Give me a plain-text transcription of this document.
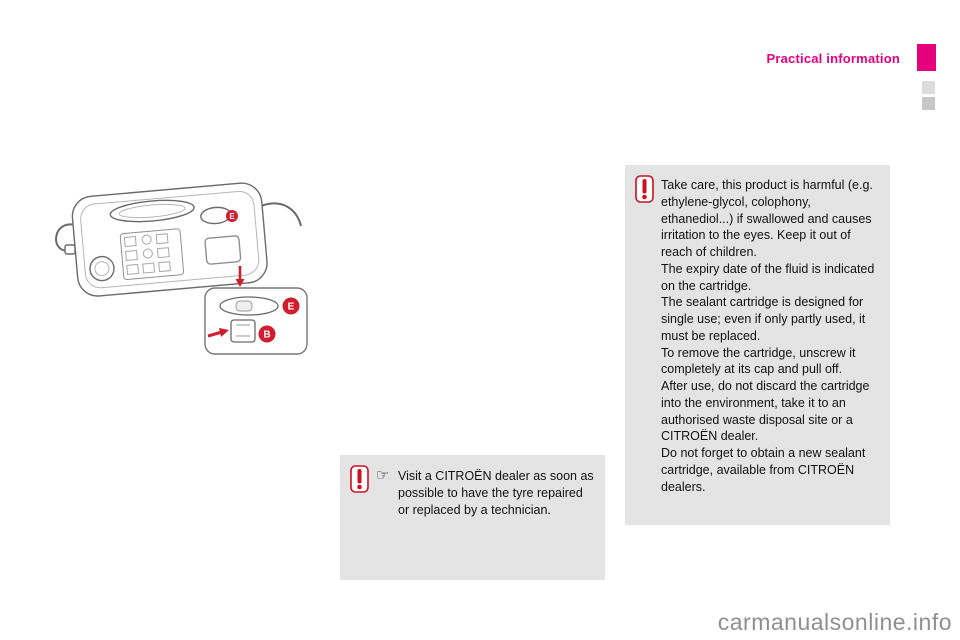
Practical information
E
E
B
☞ Visit a CITROËN dealer as soon as possible to have the tyre repaired or replaced by a technician.

Take care, this product is harmful (e.g. ethylene-glycol, colophony, ethanediol...) if swallowed and causes irritation to the eyes. Keep it out of reach of children.

The expiry date of the fluid is indicated on the cartridge.

The sealant cartridge is designed for single use; even if only partly used, it must be replaced.

To remove the cartridge, unscrew it completely at its cap and pull off.

After use, do not discard the cartridge into the environment, take it to an authorised waste disposal site or a CITROËN dealer.

Do not forget to obtain a new sealant cartridge, available from CITROËN dealers.

carmanualsonline.info
